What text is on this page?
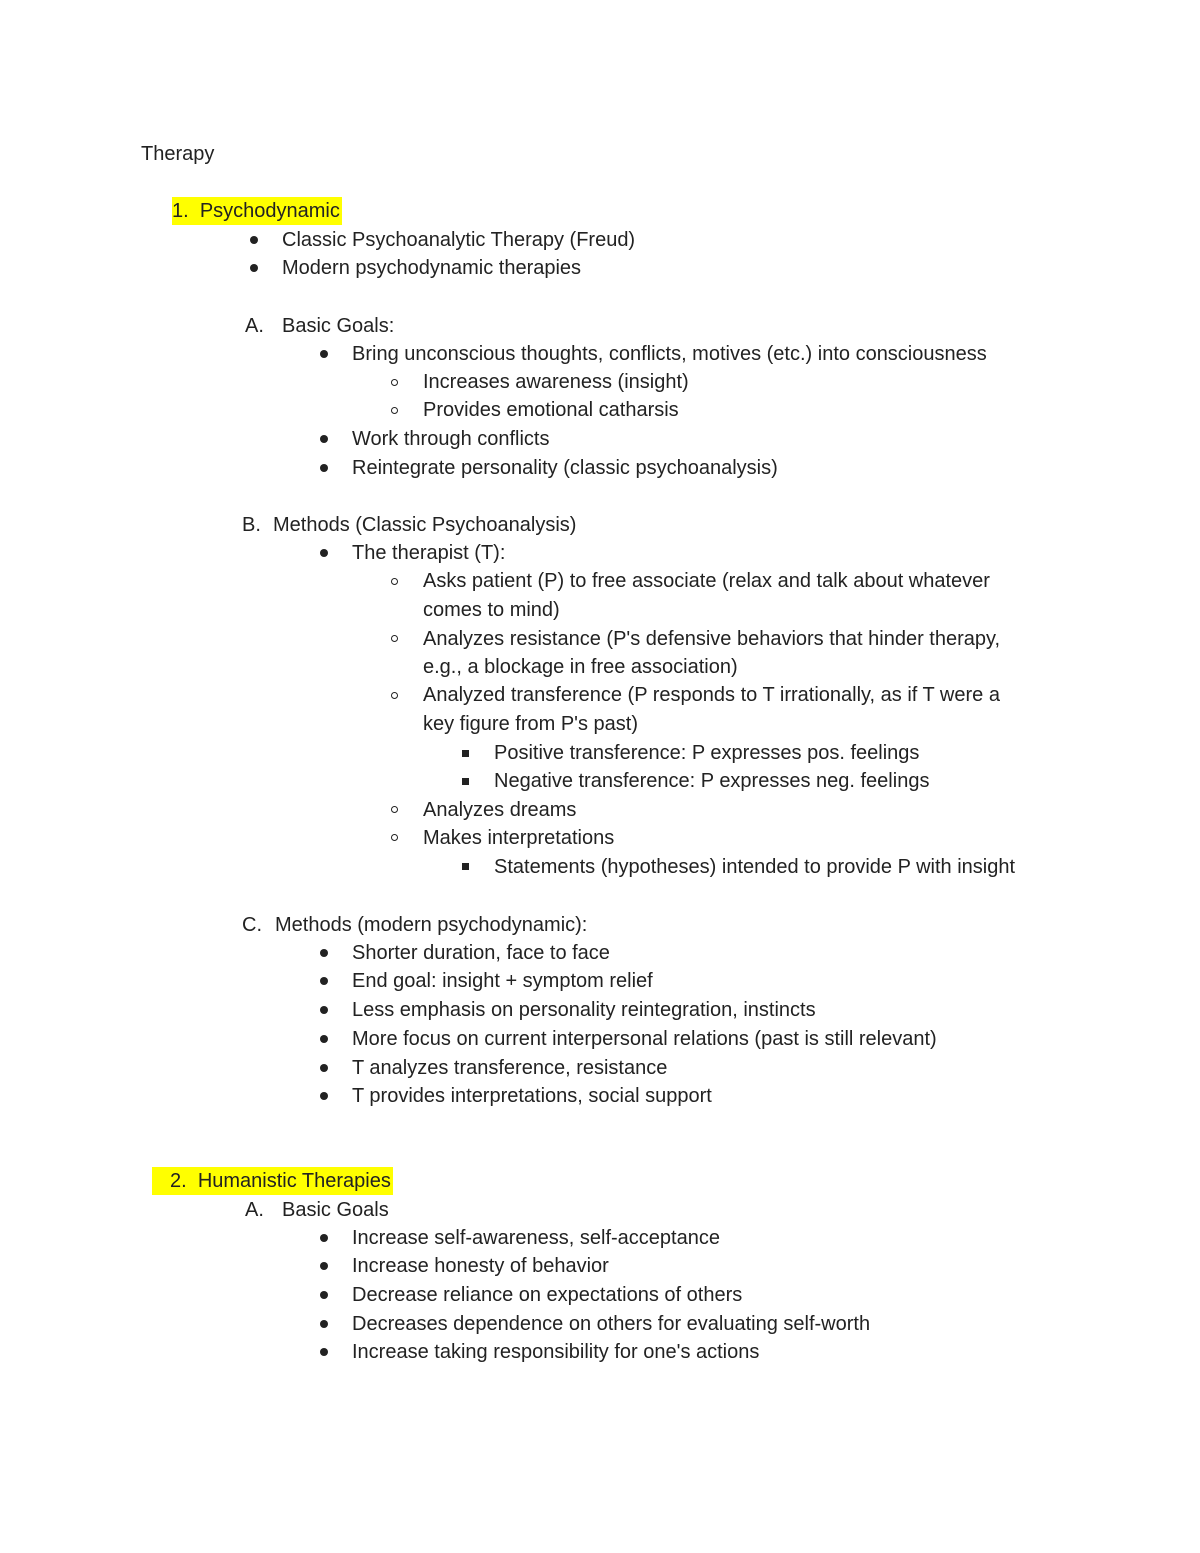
Therapy
1. Psychodynamic
Classic Psychoanalytic Therapy (Freud)
Modern psychodynamic therapies
A. Basic Goals:
Bring unconscious thoughts, conflicts, motives (etc.) into consciousness
Increases awareness (insight)
Provides emotional catharsis
Work through conflicts
Reintegrate personality (classic psychoanalysis)
B. Methods (Classic Psychoanalysis)
The therapist (T):
Asks patient (P) to free associate (relax and talk about whatever
comes to mind)
Analyzes resistance (P's defensive behaviors that hinder therapy,
e.g., a blockage in free association)
Analyzed transference (P responds to T irrationally, as if T were a
key figure from P's past)
Positive transference: P expresses pos. feelings
Negative transference: P expresses neg. feelings
Analyzes dreams
Makes interpretations
Statements (hypotheses) intended to provide P with insight
C. Methods (modern psychodynamic):
Shorter duration, face to face
End goal: insight + symptom relief
Less emphasis on personality reintegration, instincts
More focus on current interpersonal relations (past is still relevant)
T analyzes transference, resistance
T provides interpretations, social support
2. Humanistic Therapies
A. Basic Goals
Increase self-awareness, self-acceptance
Increase honesty of behavior
Decrease reliance on expectations of others
Decreases dependence on others for evaluating self-worth
Increase taking responsibility for one's actions
